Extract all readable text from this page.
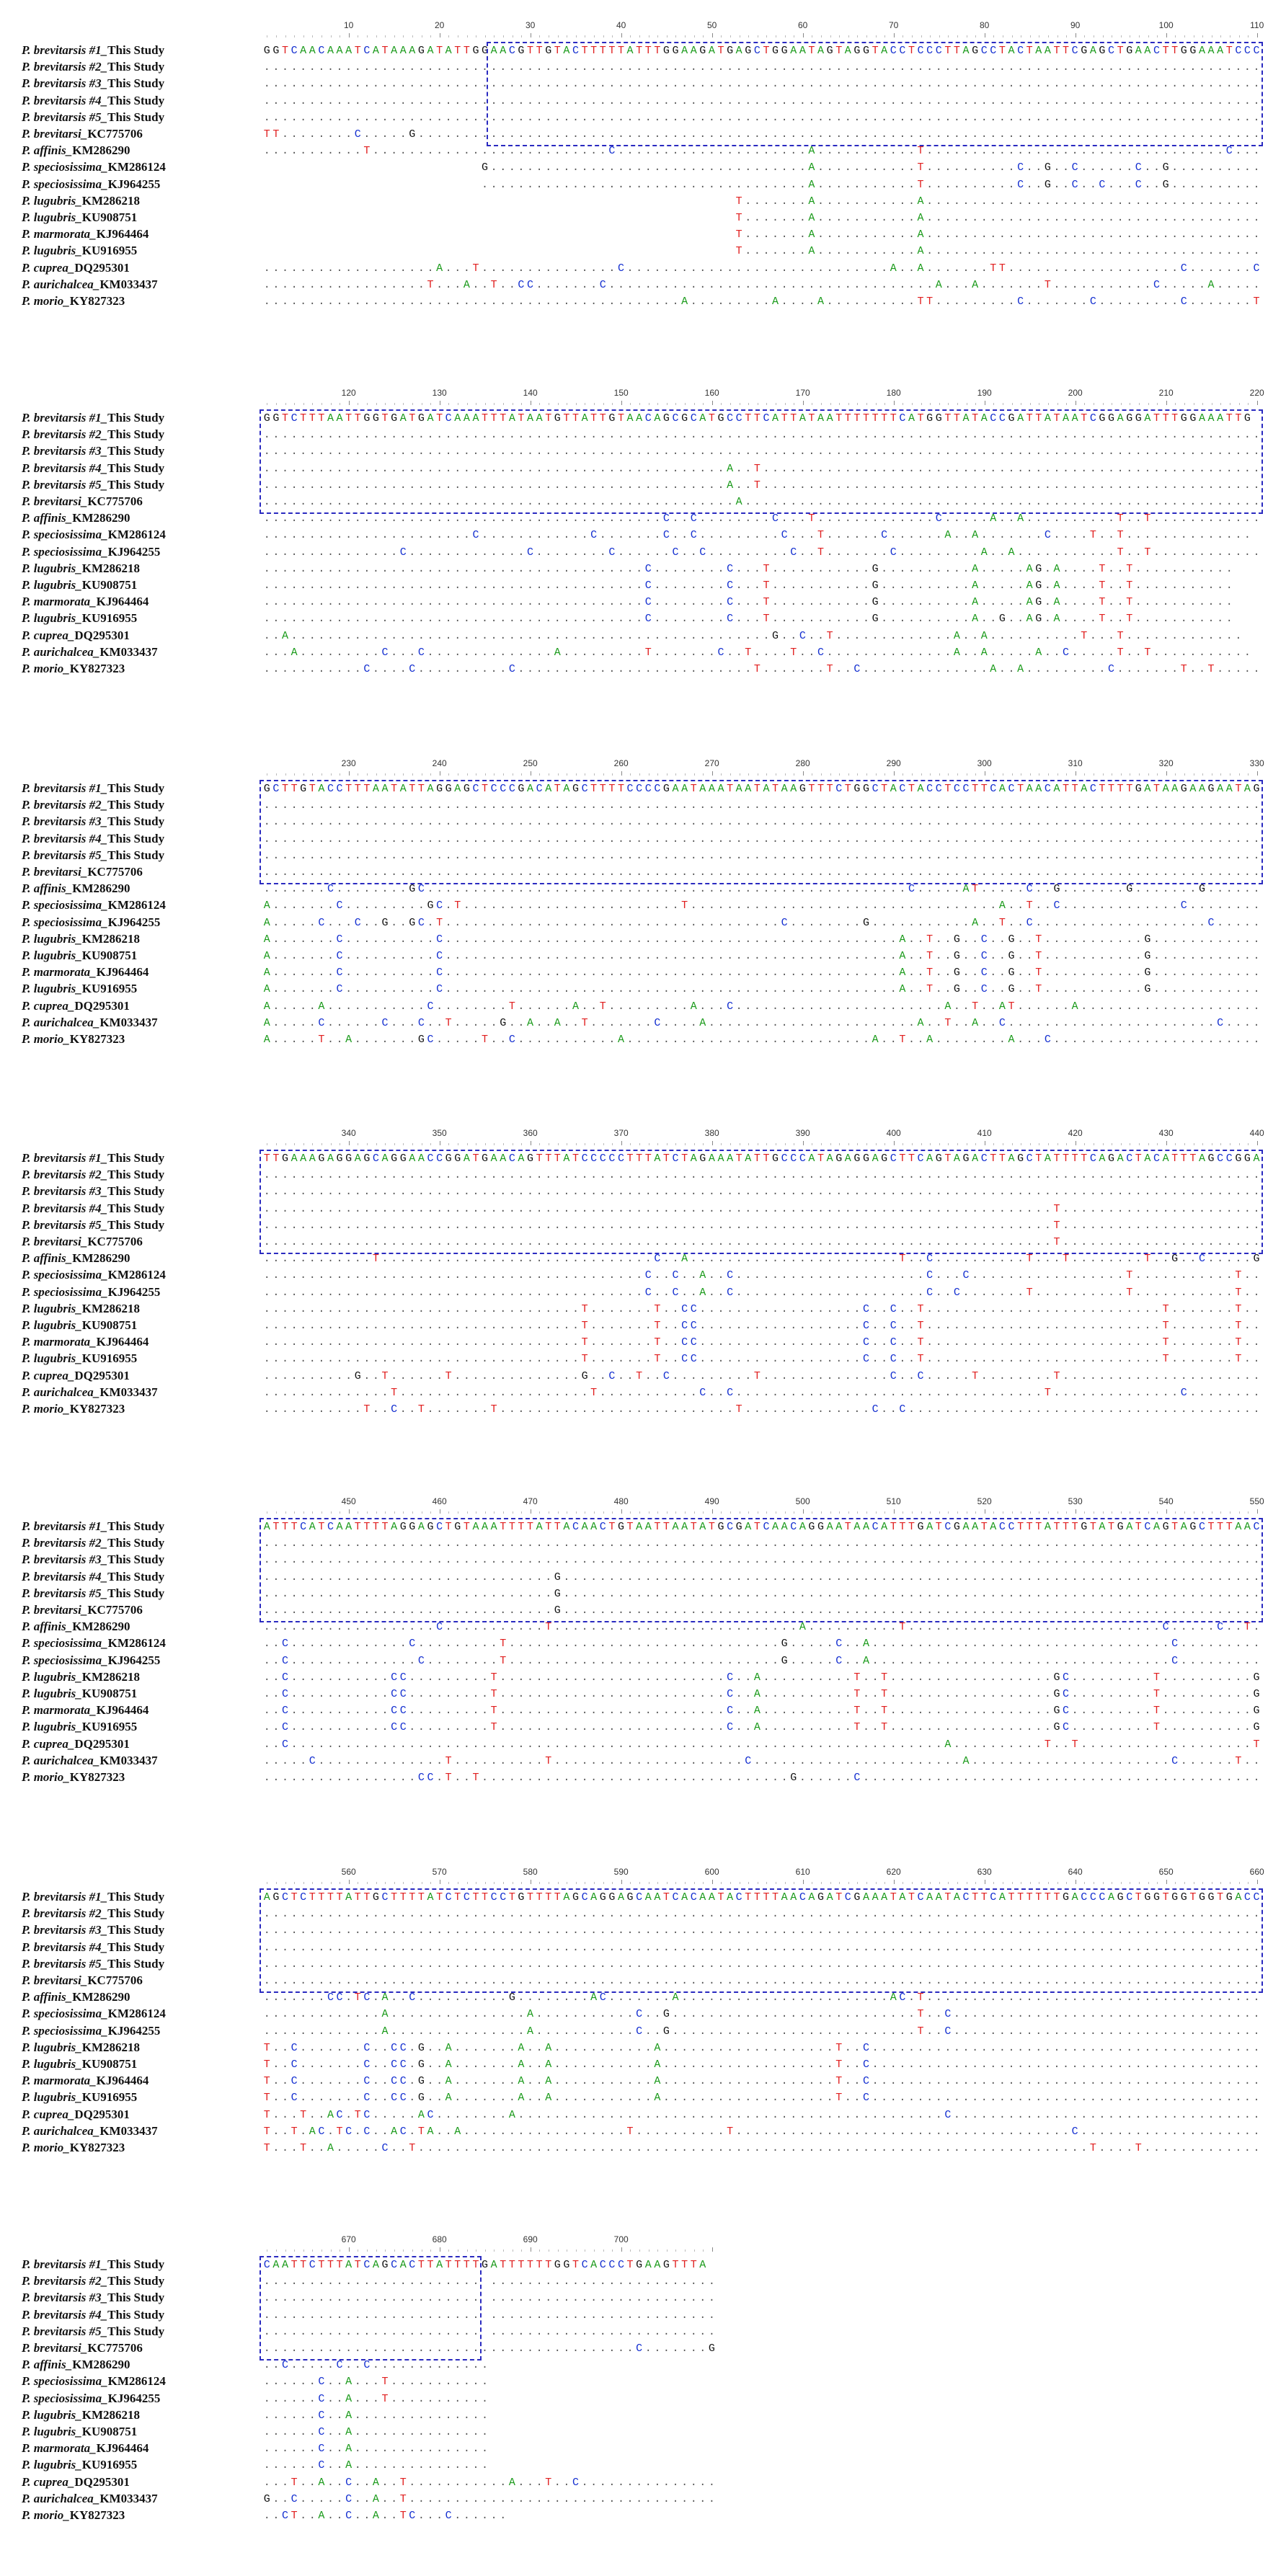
10	20	30	40	50	60	70	80	90	100	110
P. brevitarsis #1_This Study	G G T C A A C A A A T C A T A A A G A T A T T G G A A C G T T G T A C T T T T T A T T T G G A A G A T G A G C T G G A A T A G T A G G T A C C T C C C T T A G C C T A C T A A T T C G A G C T G A A C T T G G A A A T C C C
P. brevitarsis #2_This Study	. . . . . . . . . . . . . . . . . . . . . . . . . . . . . . . . . . . . . . . . . . . . . . . . . . . . . . . . . . . . . . . . . . . . . . . . . . . . . . . . . . . . . . . . . . . . . . . . . . . . . . . . . . . . . .
P. brevitarsis #3_This Study	. . . . . . . . . . . . . . . . . . . . . . . . . . . . . . . . . . . . . . . . . . . . . . . . . . . . . . . . . . . . . . . . . . . . . . . . . . . . . . . . . . . . . . . . . . . . . . . . . . . . . . . . . . . . . .
P. brevitarsis #4_This Study	. . . . . . . . . . . . . . . . . . . . . . . . . . . . . . . . . . . . . . . . . . . . . . . . . . . . . . . . . . . . . . . . . . . . . . . . . . . . . . . . . . . . . . . . . . . . . . . . . . . . . . . . . . . . . .
P. brevitarsis #5_This Study	. . . . . . . . . . . . . . . . . . . . . . . . . . . . . . . . . . . . . . . . . . . . . . . . . . . . . . . . . . . . . . . . . . . . . . . . . . . . . . . . . . . . . . . . . . . . . . . . . . . . . . . . . . . . . .
P. brevitarsi_KC775706	T T . . . . . . . . C . . . . . G . . . . . . . . . . . . . . . . . . . . . . . . . . . . . . . . . . . . . . . . . . . . . . . . . . . . . . . . . . . . . . . . . . . . . . . . . . . . . . . . . . . . . . . . . . . . .
P. affinis_KM286290	. . . . . . . . . . . T . . . . . . . . . . . . . . . . . . . . . . . . . . C . . . . . . . . . . . . . . . . . . . . . A . . . . . . . . . . . T . . . . . . . . . . . . . . . . . . . . . . . . . . . . . . . . . C . . .
P. speciosissima_KM286124	G . . . . . . . . . . . . . . . . . . . . . . . . . . . . . . . . . . . A . . . . . . . . . . . T . . . . . . . . . . C . . G . . C . . . . . . C . . G . . . . . . . . . .
P. speciosissima_KJ964255	. . . . . . . . . . . . . . . . . . . . . . . . . . . . . . . . . . . . A . . . . . . . . . . . T . . . . . . . . . . C . . G . . C . . C . . . C . . G . . . . . . . . . .
P. lugubris_KM286218	T . . . . . . . A . . . . . . . . . . . A . . . . . . . . . . . . . . . . . . . . . . . . . . . . . . . . . . . . .
P. lugubris_KU908751	T . . . . . . . A . . . . . . . . . . . A . . . . . . . . . . . . . . . . . . . . . . . . . . . . . . . . . . . . .
P. marmorata_KJ964464	T . . . . . . . A . . . . . . . . . . . A . . . . . . . . . . . . . . . . . . . . . . . . . . . . . . . . . . . . .
P. lugubris_KU916955	T . . . . . . . A . . . . . . . . . . . A . . . . . . . . . . . . . . . . . . . . . . . . . . . . . . . . . . . . .
P. cuprea_DQ295301	. . . . . . . . . . . . . . . . . . . A . . . T . . . . . . . . . . . . . . . C . . . . . . . . . . . . . . . . . . . . . . . . . . . . . A . . A . . . . . . . T T . . . . . . . . . . . . . . . . . . . C . . . . . . . C
P. aurichalcea_KM033437	. . . . . . . . . . . . . . . . . . T . . . A . . T . . C C . . . . . . . C . . . . . . . . . . . . . . . . . . . . . . . . . . . . . . . . . . . . A . . . A . . . . . . . T . . . . . . . . . . . C . . . . . A . . . . .
P. morio_KY827323	. . . . . . . . . . . . . . . . . . . . . . . . . . . . . . . . . . . . . . . . . . . . . . A . . . . . . . . . A . . . . A . . . . . . . . . . T T . . . . . . . . . C . . . . . . . C . . . . . . . . . C . . . . . . . T
120	130	140	150	160	170	180	190	200	210	220
P. brevitarsis #1_This Study	G G T C T T T A A T T G G T G A T G A T C A A A T T T A T A A T G T T A T T G T A A C A G C G C A T G C C T T C A T T A T A A T T T T T T T C A T G G T T A T A C C G A T T A T A A T C G G A G G A T T T G G A A A T T G
P. brevitarsis #2_This Study	. . . . . . . . . . . . . . . . . . . . . . . . . . . . . . . . . . . . . . . . . . . . . . . . . . . . . . . . . . . . . . . . . . . . . . . . . . . . . . . . . . . . . . . . . . . . . . . . . . . . . . . . . . . . . .
P. brevitarsis #3_This Study	. . . . . . . . . . . . . . . . . . . . . . . . . . . . . . . . . . . . . . . . . . . . . . . . . . . . . . . . . . . . . . . . . . . . . . . . . . . . . . . . . . . . . . . . . . . . . . . . . . . . . . . . . . . . . .
P. brevitarsis #4_This Study	. . . . . . . . . . . . . . . . . . . . . . . . . . . . . . . . . . . . . . . . . . . . . . . . . . . A . . T . . . . . . . . . . . . . . . . . . . . . . . . . . . . . . . . . . . . . . . . . . . . . . . . . . . . . . .
P. brevitarsis #5_This Study	. . . . . . . . . . . . . . . . . . . . . . . . . . . . . . . . . . . . . . . . . . . . . . . . . . . A . . T . . . . . . . . . . . . . . . . . . . . . . . . . . . . . . . . . . . . . . . . . . . . . . . . . . . . . . .
P. brevitarsi_KC775706	. . . . . . . . . . . . . . . . . . . . . . . . . . . . . . . . . . . . . . . . . . . . . . . . . . . . A . . . . . . . . . . . . . . . . . . . . . . . . . . . . . . . . . . . . . . . . . . . . . . . . . . . . . . . . .
P. affinis_KM286290	. . . . . . . . . . . . . . . . . . . . . . . . . . . . . . . . . . . . . . . . . . . . C . . C . . . . . . . . C . . . T . . . . . . . . . . . . . C . . . . . A . . A . . . . . . . . . . T . . T . . . . . . . . . . . .
P. speciosissima_KM286124	. . . . . . . . . . . . . . . . . . . . . . . C . . . . . . . . . . . . C . . . . . . . C . . C . . . . . . . . . C . . . T . . . . . . C . . . . . . A . . A . . . . . . . C . . . . T . . T . . . . . . . . . . . . . .
P. speciosissima_KJ964255	. . . . . . . . . . . . . . . C . . . . . . . . . . . . . C . . . . . . . . C . . . . . . C . . C . . . . . . . . . C . . T . . . . . . . C . . . . . . . . . A . . A . . . . . . . . . . . T . . T . . . . . . . . . . . .
P. lugubris_KM286218	. . . . . . . . . . . . . . . . . . . . . . . . . . . . . . . . . . . . . . . . . . C . . . . . . . . C . . . T . . . . . . . . . . . G . . . . . . . . . . A . . . . . A G . A . . . . T . . T . . . . . . . . . . .
P. lugubris_KU908751	. . . . . . . . . . . . . . . . . . . . . . . . . . . . . . . . . . . . . . . . . . C . . . . . . . . C . . . T . . . . . . . . . . . G . . . . . . . . . . A . . . . . A G . A . . . . T . . T . . . . . . . . . . .
P. marmorata_KJ964464	. . . . . . . . . . . . . . . . . . . . . . . . . . . . . . . . . . . . . . . . . . C . . . . . . . . C . . . T . . . . . . . . . . . G . . . . . . . . . . A . . . . . A G . A . . . . T . . T . . . . . . . . . . .
P. lugubris_KU916955	. . . . . . . . . . . . . . . . . . . . . . . . . . . . . . . . . . . . . . . . . . C . . . . . . . . C . . . T . . . . . . . . . . . G . . . . . . . . . . A . . G . . A G . A . . . . T . . T . . . . . . . . . . .
P. cuprea_DQ295301	. . A . . . . . . . . . . . . . . . . . . . . . . . . . . . . . . . . . . . . . . . . . . . . . . . . . . . . . G . . C . . T . . . . . . . . . . . . . A . . A . . . . . . . . . . T . . . T . . . . . . . . . . . . .
P. aurichalcea_KM033437	. . . A . . . . . . . . . C . . . C . . . . . . . . . . . . . . A . . . . . . . . . T . . . . . . . C . . T . . . . T . . C . . . . . . . . . . . . . . A . . A . . . . . A . . C . . . . . T . . T . . . . . . . . . . .
P. morio_KY827323	. . . . . . . . . . . C . . . . C . . . . . . . . . . C . . . . . . . . . . . . . . . . . . . . . . . . . . T . . . . . . . T . . C . . . . . . . . . . . . . . A . . A . . . . . . . . . C . . . . . . . T . . T . . . . .
230	240	250	260	270	280	290	300	310	320	330
P. brevitarsis #1_This Study	G C T T G T A C C T T T A A T A T T A G G A G C T C C C G A C A T A G C T T T T C C C C G A A T A A A T A A T A T A A G T T T C T G G C T A C T A C C T C C T T C A C T A A C A T T A C T T T T G A T A A G A A G A A T A G
P. brevitarsis #2_This Study	. . . . . . . . . . . . . . . . . . . . . . . . . . . . . . . . . . . . . . . . . . . . . . . . . . . . . . . . . . . . . . . . . . . . . . . . . . . . . . . . . . . . . . . . . . . . . . . . . . . . . . . . . . . . . .
P. brevitarsis #3_This Study	. . . . . . . . . . . . . . . . . . . . . . . . . . . . . . . . . . . . . . . . . . . . . . . . . . . . . . . . . . . . . . . . . . . . . . . . . . . . . . . . . . . . . . . . . . . . . . . . . . . . . . . . . . . . . .
P. brevitarsis #4_This Study	. . . . . . . . . . . . . . . . . . . . . . . . . . . . . . . . . . . . . . . . . . . . . . . . . . . . . . . . . . . . . . . . . . . . . . . . . . . . . . . . . . . . . . . . . . . . . . . . . . . . . . . . . . . . . .
P. brevitarsis #5_This Study	. . . . . . . . . . . . . . . . . . . . . . . . . . . . . . . . . . . . . . . . . . . . . . . . . . . . . . . . . . . . . . . . . . . . . . . . . . . . . . . . . . . . . . . . . . . . . . . . . . . . . . . . . . . . . .
P. brevitarsi_KC775706	. . . . . . . . . . . . . . . . . . . . . . . . . . . . . . . . . . . . . . . . . . . . . . . . . . . . . . . . . . . . . . . . . . . . . . . . . . . . . . . . . . . . . . . . . . . . . . . . . . . . . . . . . . . . . .
P. affinis_KM286290	. . . . . . . C . . . . . . . . G C . . . . . . . . . . . . . . . . . . . . . . . . . . . . . . . . . . . . . . . . . . . . . . . . . . . . . C . . . . . A T . . . . . C . . G . . . . . . . G . . . . . . . G . . . . . .
P. speciosissima_KM286124	A . . . . . . . C . . . . . . . . . G C . T . . . . . . . . . . . . . . . . . . . . . . . . T . . . . . . . . . . . . . . . . . . . . . . . . . . . . . . . . . . A . . T . . C . . . . . . . . . . . . . C . . . . . . . .
P. speciosissima_KJ964255	A . . . . . C . . . C . . G . . G C . T . . . . . . . . . . . . . . . . . . . . . . . . . . . . . . . . . . . . . C . . . . . . . . G . . . . . . . . . . . A . . T . . C . . . . . . . . . . . . . . . . . . . C . . . . .
P. lugubris_KM286218	A . . . . . . . C . . . . . . . . . . C . . . . . . . . . . . . . . . . . . . . . . . . . . . . . . . . . . . . . . . . . . . . . . . . . . A . . T . . G . . C . . G . . T . . . . . . . . . . . G . . . . . . . . . . . .
P. lugubris_KU908751	A . . . . . . . C . . . . . . . . . . C . . . . . . . . . . . . . . . . . . . . . . . . . . . . . . . . . . . . . . . . . . . . . . . . . . A . . T . . G . . C . . G . . T . . . . . . . . . . . G . . . . . . . . . . . .
P. marmorata_KJ964464	A . . . . . . . C . . . . . . . . . . C . . . . . . . . . . . . . . . . . . . . . . . . . . . . . . . . . . . . . . . . . . . . . . . . . . A . . T . . G . . C . . G . . T . . . . . . . . . . . G . . . . . . . . . . . .
P. lugubris_KU916955	A . . . . . . . C . . . . . . . . . . C . . . . . . . . . . . . . . . . . . . . . . . . . . . . . . . . . . . . . . . . . . . . . . . . . . A . . T . . G . . C . . G . . T . . . . . . . . . . . G . . . . . . . . . . . .
P. cuprea_DQ295301	A . . . . . A . . . . . . . . . . . C . . . . . . . . T . . . . . . A . . T . . . . . . . . . A . . . C . . . . . . . . . . . . . . . . . . . . . . . A . . T . . A T . . . . . . A . . . . . . . . . . . . . . . . . . . .
P. aurichalcea_KM033437	A . . . . . C . . . . . . C . . . C . . T . . . . . G . . A . . A . . T . . . . . . . C . . . . A . . . . . . . . . . . . . . . . . . . . . . . A . . T . . A . . C . . . . . . . . . . . . . . . . . . . . . . . C . . . .
P. morio_KY827323	A . . . . . T . . A . . . . . . . G C . . . . . T . . C . . . . . . . . . . . A . . . . . . . . . . . . . . . . . . . . . . . . . . . A . . T . . A . . . . . . . . A . . . C . . . . . . . . . . . . . . . . . . . . . . .
340	350	360	370	380	390	400	410	420	430	440
P. brevitarsis #1_This Study	T T G A A A G A G G A G C A G G A A C C G G A T G A A C A G T T T A T C C C C C T T T A T C T A G A A A T A T T G C C C A T A G A G G A G C T T C A G T A G A C T T A G C T A T T T T C A G A C T A C A T T T A G C C G G A
P. brevitarsis #2_This Study	. . . . . . . . . . . . . . . . . . . . . . . . . . . . . . . . . . . . . . . . . . . . . . . . . . . . . . . . . . . . . . . . . . . . . . . . . . . . . . . . . . . . . . . . . . . . . . . . . . . . . . . . . . . . . .
P. brevitarsis #3_This Study	. . . . . . . . . . . . . . . . . . . . . . . . . . . . . . . . . . . . . . . . . . . . . . . . . . . . . . . . . . . . . . . . . . . . . . . . . . . . . . . . . . . . . . . . . . . . . . . . . . . . . . . . . . . . . .
P. brevitarsis #4_This Study	. . . . . . . . . . . . . . . . . . . . . . . . . . . . . . . . . . . . . . . . . . . . . . . . . . . . . . . . . . . . . . . . . . . . . . . . . . . . . . . . . . . . . . . T . . . . . . . . . . . . . . . . . . . . . .
P. brevitarsis #5_This Study	. . . . . . . . . . . . . . . . . . . . . . . . . . . . . . . . . . . . . . . . . . . . . . . . . . . . . . . . . . . . . . . . . . . . . . . . . . . . . . . . . . . . . . . T . . . . . . . . . . . . . . . . . . . . . .
P. brevitarsi_KC775706	. . . . . . . . . . . . . . . . . . . . . . . . . . . . . . . . . . . . . . . . . . . . . . . . . . . . . . . . . . . . . . . . . . . . . . . . . . . . . . . . . . . . . . . T . . . . . . . . . . . . . . . . . . . . . .
P. affinis_KM286290	. . . . . . . . . . . . T . . . . . . . . . . . . . . . . . . . . . . . . . . . . . . C . . A . . . . . . . . . . . . . . . . . . . . . . . T . . C . . . . . . . . . . T . . . T . . . . . . . . T . . G . . C . . . . . G
P. speciosissima_KM286124	. . . . . . . . . . . . . . . . . . . . . . . . . . . . . . . . . . . . . . . . . . C . . C . . A . . C . . . . . . . . . . . . . . . . . . . . . C . . . C . . . . . . . . . . . . . . . . . T . . . . . . . . . . . T . .
P. speciosissima_KJ964255	. . . . . . . . . . . . . . . . . . . . . . . . . . . . . . . . . . . . . . . . . . C . . C . . A . . C . . . . . . . . . . . . . . . . . . . . . C . . C . . . . . . . T . . . . . . . . . . T . . . . . . . . . . . T . .
P. lugubris_KM286218	. . . . . . . . . . . . . . . . . . . . . . . . . . . . . . . . . . . T . . . . . . . T . . C C . . . . . . . . . . . . . . . . . . C . . C . . T . . . . . . . . . . . . . . . . . . . . . . . . . . T . . . . . . . T . .
P. lugubris_KU908751	. . . . . . . . . . . . . . . . . . . . . . . . . . . . . . . . . . . T . . . . . . . T . . C C . . . . . . . . . . . . . . . . . . C . . C . . T . . . . . . . . . . . . . . . . . . . . . . . . . . T . . . . . . . T . .
P. marmorata_KJ964464	. . . . . . . . . . . . . . . . . . . . . . . . . . . . . . . . . . . T . . . . . . . T . . C C . . . . . . . . . . . . . . . . . . C . . C . . T . . . . . . . . . . . . . . . . . . . . . . . . . . T . . . . . . . T . .
P. lugubris_KU916955	. . . . . . . . . . . . . . . . . . . . . . . . . . . . . . . . . . . T . . . . . . . T . . C C . . . . . . . . . . . . . . . . . . C . . C . . T . . . . . . . . . . . . . . . . . . . . . . . . . . T . . . . . . . T . .
P. cuprea_DQ295301	. . . . . . . . . . G . . T . . . . . . T . . . . . . . . . . . . . . G . . C . . T . . C . . . . . . . . . T . . . . . . . . . . . . . . C . . C . . . . . T . . . . . . . . T . . . . . . . . . . . . . . . . . . . . . .
P. aurichalcea_KM033437	. . . . . . . . . . . . . . T . . . . . . . . . . . . . . . . . . . . . T . . . . . . . . . . . C . . C . . . . . . . . . . . . . . . . . . . . . . . . . . . . . . . . . . T . . . . . . . . . . . . . . C . . . . . . . .
P. morio_KY827323	. . . . . . . . . . . T . . C . . T . . . . . . . T . . . . . . . . . . . . . . . . . . . . . . . . . . T . . . . . . . . . . . . . . C . . C . . . . . . . . . . . . . . . . . . . . . . . . . . . . . . . . . . . . . . .
450	460	470	480	490	500	510	520	530	540	550
P. brevitarsis #1_This Study	A T T T C A T C A A T T T T A G G A G C T G T A A A T T T T A T T A C A A C T G T A A T T A A T A T G C G A T C A A C A G G A A T A A C A T T T G A T C G A A T A C C T T T A T T T G T A T G A T C A G T A G C T T T A A C
P. brevitarsis #2_This Study	. . . . . . . . . . . . . . . . . . . . . . . . . . . . . . . . . . . . . . . . . . . . . . . . . . . . . . . . . . . . . . . . . . . . . . . . . . . . . . . . . . . . . . . . . . . . . . . . . . . . . . . . . . . . . .
P. brevitarsis #3_This Study	. . . . . . . . . . . . . . . . . . . . . . . . . . . . . . . . . . . . . . . . . . . . . . . . . . . . . . . . . . . . . . . . . . . . . . . . . . . . . . . . . . . . . . . . . . . . . . . . . . . . . . . . . . . . . .
P. brevitarsis #4_This Study	. . . . . . . . . . . . . . . . . . . . . . . . . . . . . . . . G . . . . . . . . . . . . . . . . . . . . . . . . . . . . . . . . . . . . . . . . . . . . . . . . . . . . . . . . . . . . . . . . . . . . . . . . . . . . .
P. brevitarsis #5_This Study	. . . . . . . . . . . . . . . . . . . . . . . . . . . . . . . . G . . . . . . . . . . . . . . . . . . . . . . . . . . . . . . . . . . . . . . . . . . . . . . . . . . . . . . . . . . . . . . . . . . . . . . . . . . . . .
P. brevitarsi_KC775706	. . . . . . . . . . . . . . . . . . . . . . . . . . . . . . . . G . . . . . . . . . . . . . . . . . . . . . . . . . . . . . . . . . . . . . . . . . . . . . . . . . . . . . . . . . . . . . . . . . . . . . . . . . . . . .
P. affinis_KM286290	. . . . . . . . . . . . . . . . . . . C . . . . . . . . . . . T . . . . . . . . . . . . . . . . . . . . . . . . . . . A . . . . . . . . . . T . . . . . . . . . . . . . . . . . . . . . . . . . . . . C . . . . . C . . T .
P. speciosissima_KM286124	. . C . . . . . . . . . . . . . C . . . . . . . . . T . . . . . . . . . . . . . . . . . . . . . . . . . . . . . . G . . . . . C . . A . . . . . . . . . . . . . . . . . . . . . . . . . . . . . . . . . C . . . . . . . . .
P. speciosissima_KJ964255	. . C . . . . . . . . . . . . . . C . . . . . . . . T . . . . . . . . . . . . . . . . . . . . . . . . . . . . . . G . . . . . C . . A . . . . . . . . . . . . . . . . . . . . . . . . . . . . . . . . . C . . . . . . . . .
P. lugubris_KM286218	. . C . . . . . . . . . . . C C . . . . . . . . . T . . . . . . . . . . . . . . . . . . . . . . . . . C . . A . . . . . . . . . . T . . T . . . . . . . . . . . . . . . . . . G C . . . . . . . . . T . . . . . . . . . . G
P. lugubris_KU908751	. . C . . . . . . . . . . . C C . . . . . . . . . T . . . . . . . . . . . . . . . . . . . . . . . . . C . . A . . . . . . . . . . T . . T . . . . . . . . . . . . . . . . . . G C . . . . . . . . . T . . . . . . . . . . G
P. marmorata_KJ964464	. . C . . . . . . . . . . . C C . . . . . . . . . T . . . . . . . . . . . . . . . . . . . . . . . . . C . . A . . . . . . . . . . T . . T . . . . . . . . . . . . . . . . . . G C . . . . . . . . . T . . . . . . . . . . G
P. lugubris_KU916955	. . C . . . . . . . . . . . C C . . . . . . . . . T . . . . . . . . . . . . . . . . . . . . . . . . . C . . A . . . . . . . . . . T . . T . . . . . . . . . . . . . . . . . . G C . . . . . . . . . T . . . . . . . . . . G
P. cuprea_DQ295301	. . C . . . . . . . . . . . . . . . . . . . . . . . . . . . . . . . . . . . . . . . . . . . . . . . . . . . . . . . . . . . . . . . . . . . . . . . . A . . . . . . . . . . T . . T . . . . . . . . . . . . . . . . . . . T
P. aurichalcea_KM033437	. . . . . C . . . . . . . . . . . . . . T . . . . . . . . . . T . . . . . . . . . . . . . . . . . . . . . C . . . . . . . . . . . . . . . . . . . . . . . A . . . . . . . . . . . . . . . . . . . . . . C . . . . . . T . .
P. morio_KY827323	. . . . . . . . . . . . . . . . . C C . T . . T . . . . . . . . . . . . . . . . . . . . . . . . . . . . . . . . . . G . . . . . . C . . . . . . . . . . . . . . . . . . . . . . . . . . . . . . . . . . . . . . . . . . . .
560	570	580	590	600	610	620	630	640	650	660
P. brevitarsis #1_This Study	A G C T C T T T T A T T G C T T T T A T C T C T T C C T G T T T T A G C A G G A G C A A T C A C A A T A C T T T T A A C A G A T C G A A A T A T C A A T A C T T C A T T T T T T G A C C C A G C T G G T G G T G G T G A C C
P. brevitarsis #2_This Study	. . . . . . . . . . . . . . . . . . . . . . . . . . . . . . . . . . . . . . . . . . . . . . . . . . . . . . . . . . . . . . . . . . . . . . . . . . . . . . . . . . . . . . . . . . . . . . . . . . . . . . . . . . . . . .
P. brevitarsis #3_This Study	. . . . . . . . . . . . . . . . . . . . . . . . . . . . . . . . . . . . . . . . . . . . . . . . . . . . . . . . . . . . . . . . . . . . . . . . . . . . . . . . . . . . . . . . . . . . . . . . . . . . . . . . . . . . . .
P. brevitarsis #4_This Study	. . . . . . . . . . . . . . . . . . . . . . . . . . . . . . . . . . . . . . . . . . . . . . . . . . . . . . . . . . . . . . . . . . . . . . . . . . . . . . . . . . . . . . . . . . . . . . . . . . . . . . . . . . . . . .
P. brevitarsis #5_This Study	. . . . . . . . . . . . . . . . . . . . . . . . . . . . . . . . . . . . . . . . . . . . . . . . . . . . . . . . . . . . . . . . . . . . . . . . . . . . . . . . . . . . . . . . . . . . . . . . . . . . . . . . . . . . . .
P. brevitarsi_KC775706	. . . . . . . . . . . . . . . . . . . . . . . . . . . . . . . . . . . . . . . . . . . . . . . . . . . . . . . . . . . . . . . . . . . . . . . . . . . . . . . . . . . . . . . . . . . . . . . . . . . . . . . . . . . . . .
P. affinis_KM286290	. . . . . . . C C . T C . A . . C . . . . . . . . . . G . . . . . . . . A C . . . . . . . A . . . . . . . . . . . . . . . . . . . . . . . A C . T . . . . . . . . . . . . . . . . . . . . . . . . . . . . . . . . . . . . .
P. speciosissima_KM286124	. . . . . . . . . . . . . A . . . . . . . . . . . . . . . A . . . . . . . . . . . C . . G . . . . . . . . . . . . . . . . . . . . . . . . . . . T . . C . . . . . . . . . . . . . . . . . . . . . . . . . . . . . . . . . .
P. speciosissima_KJ964255	. . . . . . . . . . . . . A . . . . . . . . . . . . . . . A . . . . . . . . . . . C . . G . . . . . . . . . . . . . . . . . . . . . . . . . . . T . . C . . . . . . . . . . . . . . . . . . . . . . . . . . . . . . . . . .
P. lugubris_KM286218	T . . C . . . . . . . C . . C C . G . . A . . . . . . . A . . A . . . . . . . . . . . A . . . . . . . . . . . . . . . . . . . T . . C . . . . . . . . . . . . . . . . . . . . . . . . . . . . . . . . . . . . . . . . . . .
P. lugubris_KU908751	T . . C . . . . . . . C . . C C . G . . A . . . . . . . A . . A . . . . . . . . . . . A . . . . . . . . . . . . . . . . . . . T . . C . . . . . . . . . . . . . . . . . . . . . . . . . . . . . . . . . . . . . . . . . . .
P. marmorata_KJ964464	T . . C . . . . . . . C . . C C . G . . A . . . . . . . A . . A . . . . . . . . . . . A . . . . . . . . . . . . . . . . . . . T . . C . . . . . . . . . . . . . . . . . . . . . . . . . . . . . . . . . . . . . . . . . . .
P. lugubris_KU916955	T . . C . . . . . . . C . . C C . G . . A . . . . . . . A . . A . . . . . . . . . . . A . . . . . . . . . . . . . . . . . . . T . . C . . . . . . . . . . . . . . . . . . . . . . . . . . . . . . . . . . . . . . . . . . .
P. cuprea_DQ295301	T . . . T . . A C . T C . . . . . A C . . . . . . . . A . . . . . . . . . . . . . . . . . . . . . . . . . . . . . . . . . . . . . . . . . . . . . . . C . . . . . . . . . . . . . . . . . . . . . . . . . . . . . . . . . .
P. aurichalcea_KM033437	T . . T . A C . T C . C . . A C . T A . . A . . . . . . . . . . . . . . . . . . T . . . . . . . . . . T . . . . . . . . . . . . . . . . . . . . . . . . . . . . . . . . . . . . . C . . . . . . . . . . . . . . . . . . . .
P. morio_KY827323	T . . . T . . A . . . . . C . . T . . . . . . . . . . . . . . . . . . . . . . . . . . . . . . . . . . . . . . . . . . . . . . . . . . . . . . . . . . . . . . . . . . . . . . . . . . T . . . . T . . . . . . . . . . . . .
670	680	690	700
P. brevitarsis #1_This Study	C A A T T C T T T A T C A G C A C T T A T T T T G A T T T T T T G G T C A C C C T G A A G T T T A
P. brevitarsis #2_This Study	. . . . . . . . . . . . . . . . . . . . . . . . . . . . . . . . . . . . . . . . . . . . . . . . .
P. brevitarsis #3_This Study	. . . . . . . . . . . . . . . . . . . . . . . . . . . . . . . . . . . . . . . . . . . . . . . . .
P. brevitarsis #4_This Study	. . . . . . . . . . . . . . . . . . . . . . . . . . . . . . . . . . . . . . . . . . . . . . . . .
P. brevitarsis #5_This Study	. . . . . . . . . . . . . . . . . . . . . . . . . . . . . . . . . . . . . . . . . . . . . . . . .
P. brevitarsi_KC775706	. . . . . . . . . . . . . . . . . . . . . . . . . . . . . . . . . . . . . . . . . C . . . . . . . G
P. affinis_KM286290	. . C . . . . . C . . C . . . . . . . . . . . . .
P. speciosissima_KM286124	. . . . . . C . . A . . . T . . . . . . . . . . .
P. speciosissima_KJ964255	. . . . . . C . . A . . . T . . . . . . . . . . .
P. lugubris_KM286218	. . . . . . C . . A . . . . . . . . . . . . . . .
P. lugubris_KU908751	. . . . . . C . . A . . . . . . . . . . . . . . .
P. marmorata_KJ964464	. . . . . . C . . A . . . . . . . . . . . . . . .
P. lugubris_KU916955	. . . . . . C . . A . . . . . . . . . . . . . . .
P. cuprea_DQ295301	. . . T . . A . . C . . A . . T . . . . . . . . . . . A . . . T . . C . . . . . . . . . . . . . . .
P. aurichalcea_KM033437	G . . C . . . . . C . . A . . T . . . . . . . . . . . . . . . . . . . . . . . . . . . . . . . . . .
P. morio_KY827323	. . C T . . A . . C . . A . . T C . . . C . . . . . .
